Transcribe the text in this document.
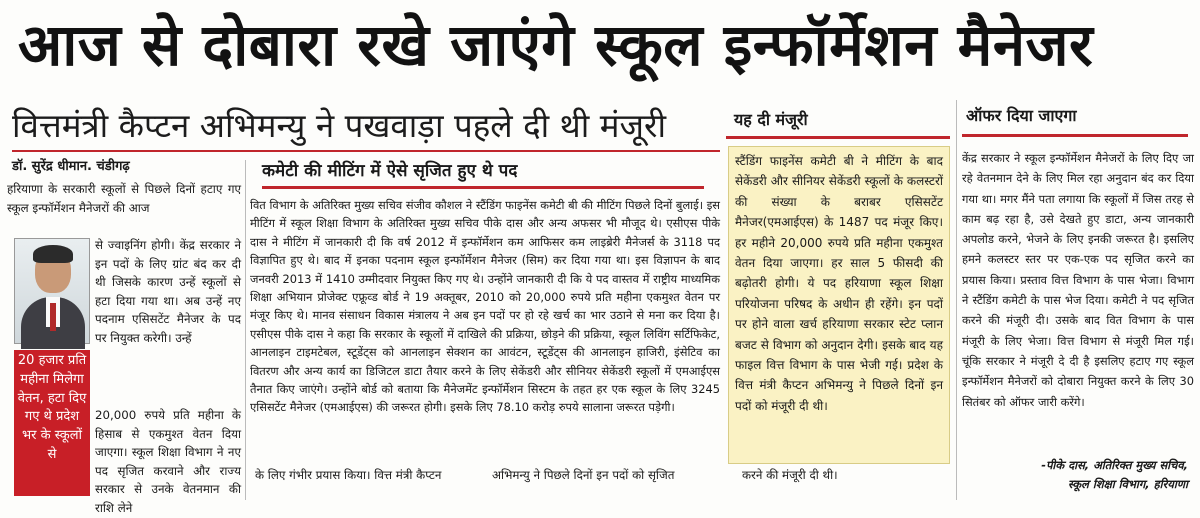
आज से दोबारा रखे जाएंगे स्कूल इन्फॉर्मेशन मैनेजर
वित्तमंत्री कैप्टन अभिमन्यु ने पखवाड़ा पहले दी थी मंजूरी
डॉ. सुरेंद्र धीमान. चंडीगढ़
हरियाणा के सरकारी स्कूलों से पिछले दिनों हटाए गए स्कूल इन्फॉर्मेशन मैनेजरों की आज
से ज्वाइनिंग होगी। केंद्र सरकार ने इन पदों के लिए ग्रांट बंद कर दी थी जिसके कारण उन्हें स्कूलों से हटा दिया गया था। अब उन्हें नए पदनाम एसिसटेंट मैनेजर के पद पर नियुक्त करेगी। उन्हें
20 हजार प्रति महीना मिलेगा वेतन, हटा दिए गए थे प्रदेश भर के स्कूलों से
20,000 रुपये प्रति महीना के हिसाब से एकमुश्त वेतन दिया जाएगा। स्कूल शिक्षा विभाग ने नए पद सृजित करवाने और राज्य सरकार से उनके वेतनमान की राशि लेने
कमेटी की मीटिंग में ऐसे सृजित हुए थे पद
वित विभाग के अतिरिक्त मुख्य सचिव संजीव कौशल ने स्टैंडिंग फाइनेंस कमेटी बी की मीटिंग पिछले दिनों बुलाई। इस मीटिंग में स्कूल शिक्षा विभाग के अतिरिक्त मुख्य सचिव पीके दास और अन्य अफसर भी मौजूद थे। एसीएस पीके दास ने मीटिंग में जानकारी दी कि वर्ष 2012 में इन्फॉर्मेशन कम आफिसर कम लाइब्रेरी मैनेजर्स के 3118 पद विज्ञापित हुए थे। बाद में इनका पदनाम स्कूल इन्फॉर्मेशन मैनेजर (सिम) कर दिया गया था। इस विज्ञापन के बाद जनवरी 2013 में 1410 उम्मीदवार नियुक्त किए गए थे। उन्होंने जानकारी दी कि ये पद वास्तव में राष्ट्रीय माध्यमिक शिक्षा अभियान प्रोजेक्ट एफ्रूव्ड बोर्ड ने 19 अक्तूबर, 2010 को 20,000 रुपये प्रति महीना एकमुश्त वेतन पर मंजूर किए थे। मानव संसाधन विकास मंत्रालय ने अब इन पदों पर हो रहे खर्च का भार उठाने से मना कर दिया है। एसीएस पीके दास ने कहा कि सरकार के स्कूलों में दाखिले की प्रक्रिया, छोड़ने की प्रक्रिया, स्कूल लिविंग सर्टिफिकेट, आनलाइन टाइमटेबल, स्टूडेंट्स को आनलाइन सेक्शन का आवंटन, स्टूडेंट्स की आनलाइन हाजिरी, इंसेटिव का वितरण और अन्य कार्य का डिजिटल डाटा तैयार करने के लिए सेकेंडरी और सीनियर सेकेंडरी स्कूलों में एमआईएस तैनात किए जाएंगे। उन्होंने बोर्ड को बताया कि मैनेजमेंट इन्फॉर्मेशन सिस्टम के तहत हर एक स्कूल के लिए 3245 एसिसटेंट मैनेजर (एमआईएस) की जरूरत होगी। इसके लिए 78.10 करोड़ रुपये सालाना जरूरत पड़ेगी।
के लिए गंभीर प्रयास किया। वित्त मंत्री कैप्टन	अभिमन्यु ने पिछले दिनों इन पदों को सृजित	करने की मंजूरी दी थी।
यह दी मंजूरी
स्टैंडिंग फाइनेंस कमेटी बी ने मीटिंग के बाद सेकेंडरी और सीनियर सेकेंडरी स्कूलों के कलस्टरों की संख्या के बराबर एसिसटेंट मैनेजर(एमआईएस) के 1487 पद मंजूर किए। हर महीने 20,000 रुपये प्रति महीना एकमुश्त वेतन दिया जाएगा। हर साल 5 फीसदी की बढ़ोतरी होगी। ये पद हरियाणा स्कूल शिक्षा परियोजना परिषद के अधीन ही रहेंगे। इन पदों पर होने वाला खर्च हरियाणा सरकार स्टेट प्लान बजट से विभाग को अनुदान देगी। इसके बाद यह फाइल वित्त विभाग के पास भेजी गई। प्रदेश के वित्त मंत्री कैप्टन अभिमन्यु ने पिछले दिनों इन पदों को मंजूरी दी थी।
ऑफर दिया जाएगा
केंद्र सरकार ने स्कूल इन्फॉर्मेशन मैनेजरों के लिए दिए जा रहे वेतनमान देने के लिए मिल रहा अनुदान बंद कर दिया गया था। मगर मैंने पता लगाया कि स्कूलों में जिस तरह से काम बढ़ रहा है, उसे देखते हुए डाटा, अन्य जानकारी अपलोड करने, भेजने के लिए इनकी जरूरत है। इसलिए हमने कलस्टर स्तर पर एक-एक पद सृजित करने का प्रयास किया। प्रस्ताव वित्त विभाग के पास भेजा। विभाग ने स्टैंडिंग कमेटी के पास भेज दिया। कमेटी ने पद सृजित करने की मंजूरी दी। उसके बाद वित विभाग के पास मंजूरी के लिए भेजा। वित्त विभाग से मंजूरी मिल गई। चूंकि सरकार ने मंजूरी दे दी है इसलिए हटाए गए स्कूल इन्फॉर्मेशन मैनेजरों को दोबारा नियुक्त करने के लिए 30 सितंबर को ऑफर जारी करेंगे।
-पीके दास, अतिरिक्त मुख्य सचिव,
स्कूल शिक्षा विभाग, हरियाणा
